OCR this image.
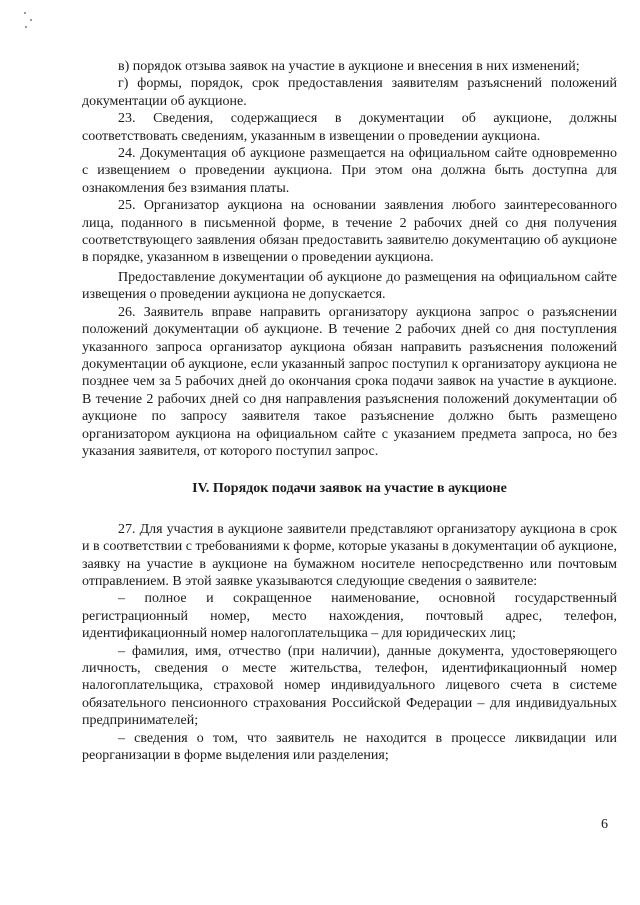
в) порядок отзыва заявок на участие в аукционе и внесения в них изменений;

г) формы, порядок, срок предоставления заявителям разъяснений положений документации об аукционе.

23. Сведения, содержащиеся в документации об аукционе, должны соответствовать сведениям, указанным в извещении о проведении аукциона.

24. Документация об аукционе размещается на официальном сайте одновременно с извещением о проведении аукциона. При этом она должна быть доступна для ознакомления без взимания платы.

25. Организатор аукциона на основании заявления любого заинтересованного лица, поданного в письменной форме, в течение 2 рабочих дней со дня получения соответствующего заявления обязан предоставить заявителю документацию об аукционе в порядке, указанном в извещении о проведении аукциона.

Предоставление документации об аукционе до размещения на официальном сайте извещения о проведении аукциона не допускается.

26. Заявитель вправе направить организатору аукциона запрос о разъяснении положений документации об аукционе. В течение 2 рабочих дней со дня поступления указанного запроса организатор аукциона обязан направить разъяснения положений документации об аукционе, если указанный запрос поступил к организатору аукциона не позднее чем за 5 рабочих дней до окончания срока подачи заявок на участие в аукционе. В течение 2 рабочих дней со дня направления разъяснения положений документации об аукционе по запросу заявителя такое разъяснение должно быть размещено организатором аукциона на официальном сайте с указанием предмета запроса, но без указания заявителя, от которого поступил запрос.

IV. Порядок подачи заявок на участие в аукционе

27. Для участия в аукционе заявители представляют организатору аукциона в срок и в соответствии с требованиями к форме, которые указаны в документации об аукционе, заявку на участие в аукционе на бумажном носителе непосредственно или почтовым отправлением. В этой заявке указываются следующие сведения о заявителе:

– полное и сокращенное наименование, основной государственный регистрационный номер, место нахождения, почтовый адрес, телефон, идентификационный номер налогоплательщика – для юридических лиц;

– фамилия, имя, отчество (при наличии), данные документа, удостоверяющего личность, сведения о месте жительства, телефон, идентификационный номер налогоплательщика, страховой номер индивидуального лицевого счета в системе обязательного пенсионного страхования Российской Федерации – для индивидуальных предпринимателей;

– сведения о том, что заявитель не находится в процессе ликвидации или реорганизации в форме выделения или разделения;

6
